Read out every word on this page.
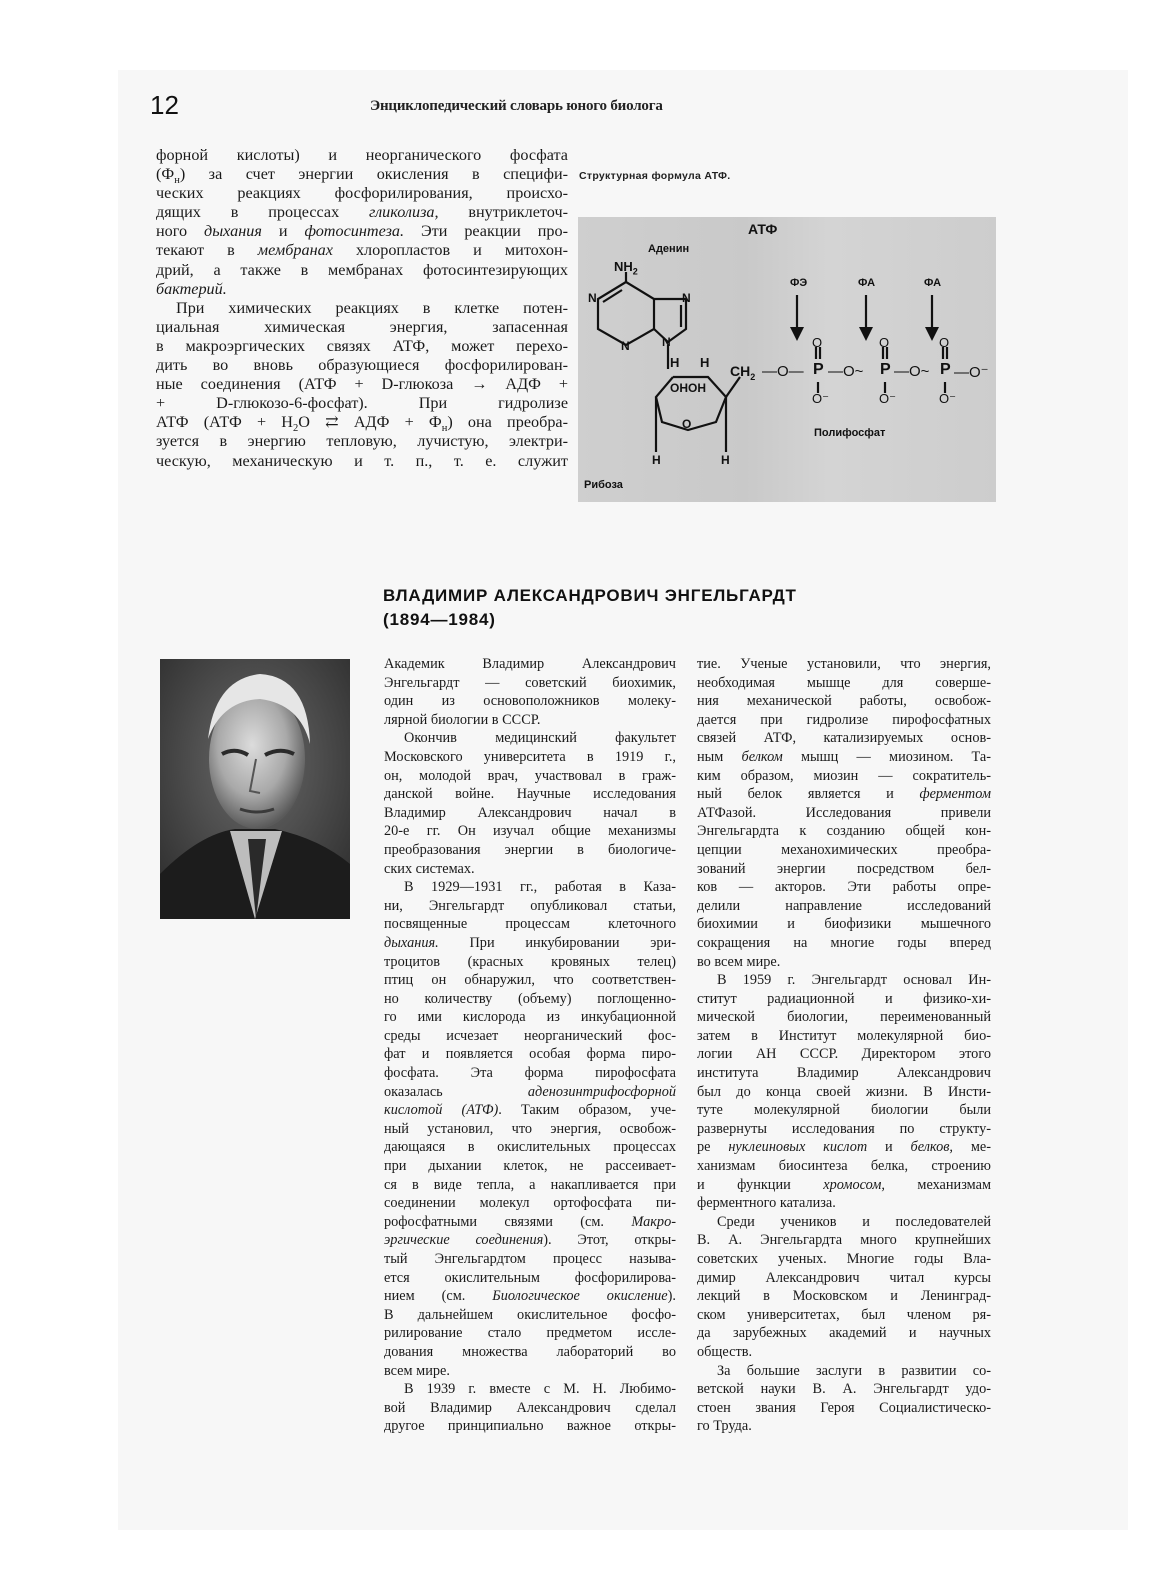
12	Энциклопедический словарь юного биолога
форной кислоты) и неорганического фосфата
$(Ф_н)$ за счет энергии окисления в специфи-
ческих реакциях фосфорилирования, происхо-
дящих в процессах гликолиза, внутриклеточ-
ного дыхания и фотосинтеза. Эти реакции про-
текают в мембранах хлоропластов и митохон-
дрий, а также в мембранах фотосинтезирующих
бактерий.
При химических реакциях в клетке потен-
циальная химическая энергия, запасенная
в макроэргических связях АТФ, может перехо-
дить во вновь образующиеся фосфорилирован-
ные соединения (АТФ + D-глюкоза → АДФ +
+ D-глюкозо-6-фосфат). При гидролизе
АТФ ($АТФ + H_2O$ ⇄ АДФ + $Ф_н$) она преобра-
зуется в энергию тепловую, лучистую, электри-
ческую, механическую и т. п., т. е. служит
Структурная формула АТФ.
АТФ
Аденин
$NH_2$
N	N
N	N
H H
OHOH
O
H	H
$CH_2$
ФЭ	ФА	ФА
O	O	O
—O— P —O~ P —O~ P —O⁻
O⁻	O⁻	O⁻
Полифосфат
Рибоза
ВЛАДИМИР АЛЕКСАНДРОВИЧ ЭНГЕЛЬГАРДТ
(1894—1984)
Академик Владимир Александрович
Энгельгардт — советский биохимик,
один из основоположников молеку-
лярной биологии в СССР.
Окончив медицинский факультет
Московского университета в 1919 г.,
он, молодой врач, участвовал в граж-
данской войне. Научные исследования
Владимир Александрович начал в
20-е гг. Он изучал общие механизмы
преобразования энергии в биологиче-
ских системах.
В 1929—1931 гг., работая в Каза-
ни, Энгельгардт опубликовал статьи,
посвященные процессам клеточного
дыхания. При инкубировании эри-
троцитов (красных кровяных телец)
птиц он обнаружил, что соответствен-
но количеству (объему) поглощенно-
го ими кислорода из инкубационной
среды исчезает неорганический фос-
фат и появляется особая форма пиро-
фосфата. Эта форма пирофосфата
оказалась аденозинтрифосфорной
кислотой (АТФ). Таким образом, уче-
ный установил, что энергия, освобож-
дающаяся в окислительных процессах
при дыхании клеток, не рассеивает-
ся в виде тепла, а накапливается при
соединении молекул ортофосфата пи-
рофосфатными связями (см. Макро-
эргические соединения). Этот, откры-
тый Энгельгардтом процесс называ-
ется окислительным фосфорилирова-
нием (см. Биологическое окисление).
В дальнейшем окислительное фосфо-
рилирование стало предметом иссле-
дования множества лабораторий во
всем мире.
В 1939 г. вместе с М. Н. Любимо-
вой Владимир Александрович сделал
другое принципиально важное откры-
тие. Ученые установили, что энергия,
необходимая мышце для соверше-
ния механической работы, освобож-
дается при гидролизе пирофосфатных
связей АТФ, катализируемых основ-
ным белком мышц — миозином. Та-
ким образом, миозин — сократитель-
ный белок является и ферментом
АТФазой. Исследования привели
Энгельгардта к созданию общей кон-
цепции механохимических преобра-
зований энергии посредством бел-
ков — акторов. Эти работы опре-
делили направление исследований
биохимии и биофизики мышечного
сокращения на многие годы вперед
во всем мире.
В 1959 г. Энгельгардт основал Ин-
ститут радиационной и физико-хи-
мической биологии, переименованный
затем в Институт молекулярной био-
логии АН СССР. Директором этого
института Владимир Александрович
был до конца своей жизни. В Инсти-
туте молекулярной биологии были
развернуты исследования по структу-
ре нуклеиновых кислот и белков, ме-
ханизмам биосинтеза белка, строению
и функции хромосом, механизмам
ферментного катализа.
Среди учеников и последователей
В. А. Энгельгардта много крупнейших
советских ученых. Многие годы Вла-
димир Александрович читал курсы
лекций в Московском и Ленинград-
ском университетах, был членом ря-
да зарубежных академий и научных
обществ.
За большие заслуги в развитии со-
ветской науки В. А. Энгельгардт удо-
стоен звания Героя Социалистическо-
го Труда.
